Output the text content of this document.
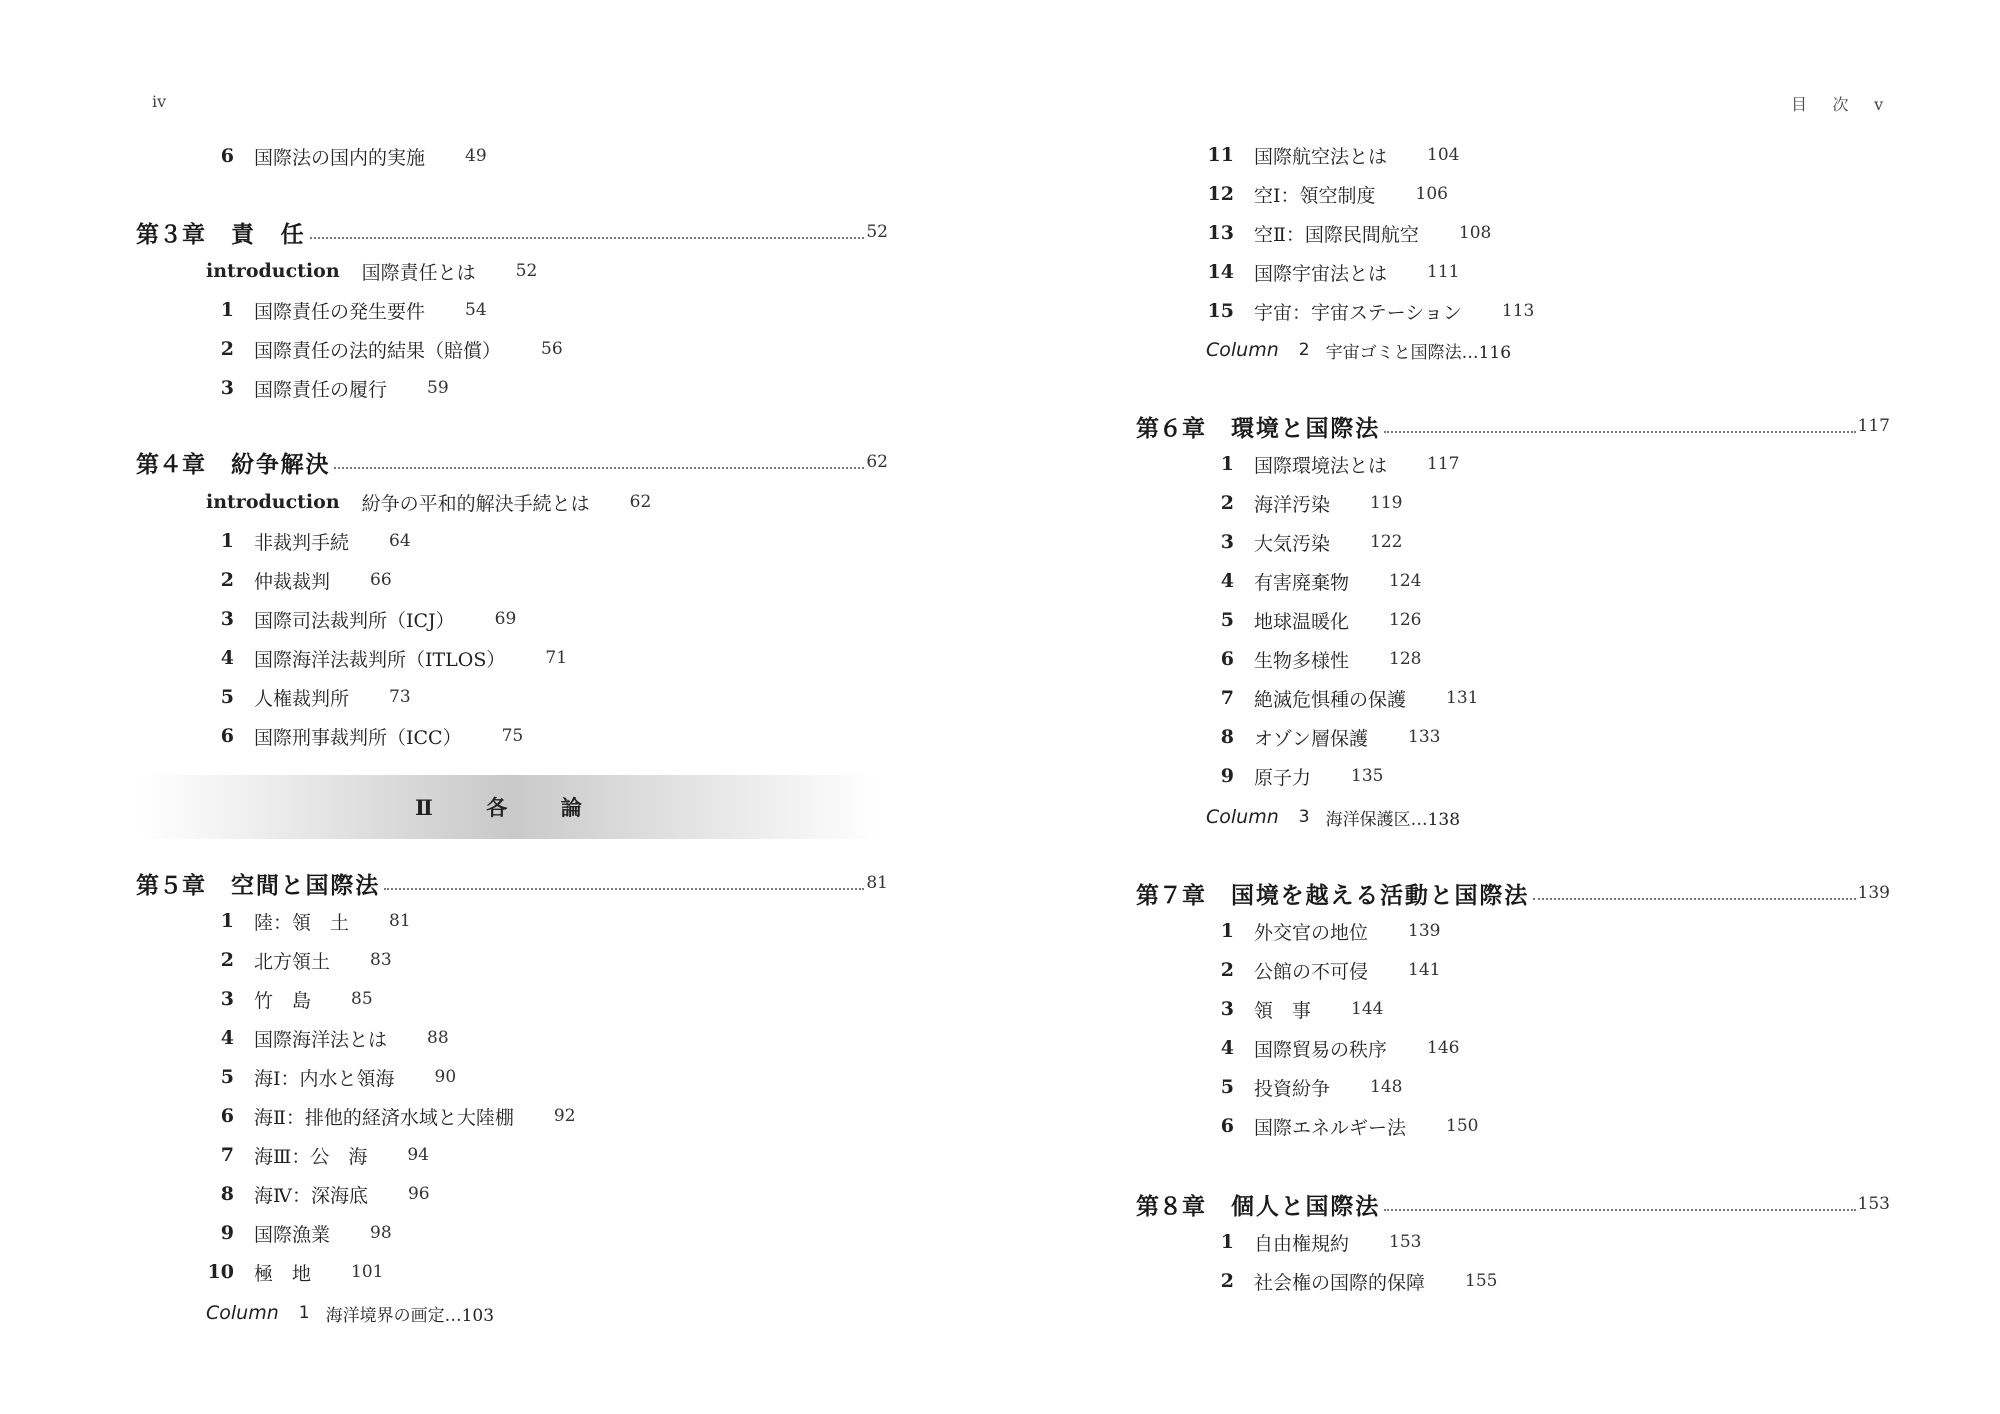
iv
6 国際法の国内的実施 49
第３章 責　任	52
introduction 国際責任とは 52
1 国際責任の発生要件 54
2 国際責任の法的結果（賠償） 56
3 国際責任の履行 59
第４章 紛争解決	62
introduction 紛争の平和的解決手続とは 62
1 非裁判手続 64
2 仲裁裁判 66
3 国際司法裁判所（ICJ） 69
4 国際海洋法裁判所（ITLOS） 71
5 人権裁判所 73
6 国際刑事裁判所（ICC） 75
第５章 空間と国際法	81
1 陸：領　土 81
2 北方領土 83
3 竹　島 85
4 国際海洋法とは 88
5 海Ⅰ：内水と領海 90
6 海Ⅱ：排他的経済水域と大陸棚 92
7 海Ⅲ：公　海 94
8 海Ⅳ：深海底 96
9 国際漁業 98
10 極　地 101
Column 1 海洋境界の画定…103
Ⅱ 各 論
目　次　v
11 国際航空法とは 104
12 空Ⅰ：領空制度 106
13 空Ⅱ：国際民間航空 108
14 国際宇宙法とは 111
15 宇宙：宇宙ステーション 113
Column 2 宇宙ゴミと国際法…116
第６章 環境と国際法	117
1 国際環境法とは 117
2 海洋汚染 119
3 大気汚染 122
4 有害廃棄物 124
5 地球温暖化 126
6 生物多様性 128
7 絶滅危惧種の保護 131
8 オゾン層保護 133
9 原子力 135
Column 3 海洋保護区…138
第７章 国境を越える活動と国際法	139
1 外交官の地位 139
2 公館の不可侵 141
3 領　事 144
4 国際貿易の秩序 146
5 投資紛争 148
6 国際エネルギー法 150
第８章 個人と国際法	153
1 自由権規約 153
2 社会権の国際的保障 155
